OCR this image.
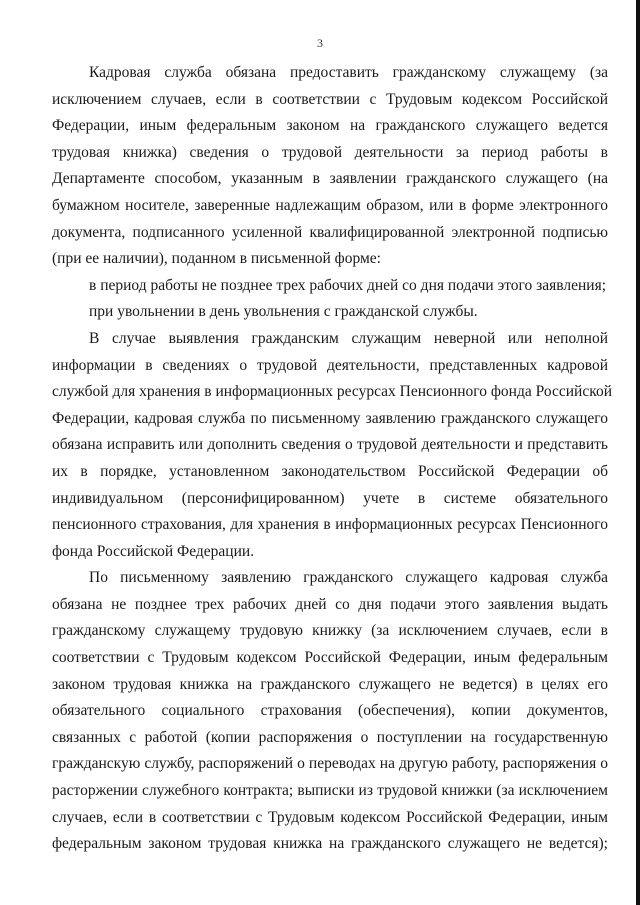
3

Кадровая служба обязана предоставить гражданскому служащему (за
исключением случаев, если в соответствии с Трудовым кодексом Российской
Федерации, иным федеральным законом на гражданского служащего ведется
трудовая книжка) сведения о трудовой деятельности за период работы в
Департаменте способом, указанным в заявлении гражданского служащего (на
бумажном носителе, заверенные надлежащим образом, или в форме электронного
документа, подписанного усиленной квалифицированной электронной подписью
(при ее наличии), поданном в письменной форме:

в период работы не позднее трех рабочих дней со дня подачи этого заявления;

при увольнении в день увольнения с гражданской службы.

В случае выявления гражданским служащим неверной или неполной
информации в сведениях о трудовой деятельности, представленных кадровой
службой для хранения в информационных ресурсах Пенсионного фонда Российской
Федерации, кадровая служба по письменному заявлению гражданского служащего
обязана исправить или дополнить сведения о трудовой деятельности и представить
их в порядке, установленном законодательством Российской Федерации об
индивидуальном (персонифицированном) учете в системе обязательного
пенсионного страхования, для хранения в информационных ресурсах Пенсионного
фонда Российской Федерации.

По письменному заявлению гражданского служащего кадровая служба
обязана не позднее трех рабочих дней со дня подачи этого заявления выдать
гражданскому служащему трудовую книжку (за исключением случаев, если в
соответствии с Трудовым кодексом Российской Федерации, иным федеральным
законом трудовая книжка на гражданского служащего не ведется) в целях его
обязательного социального страхования (обеспечения), копии документов,
связанных с работой (копии распоряжения о поступлении на государственную
гражданскую службу, распоряжений о переводах на другую работу, распоряжения о
расторжении служебного контракта; выписки из трудовой книжки (за исключением
случаев, если в соответствии с Трудовым кодексом Российской Федерации, иным
федеральным законом трудовая книжка на гражданского служащего не ведется);
